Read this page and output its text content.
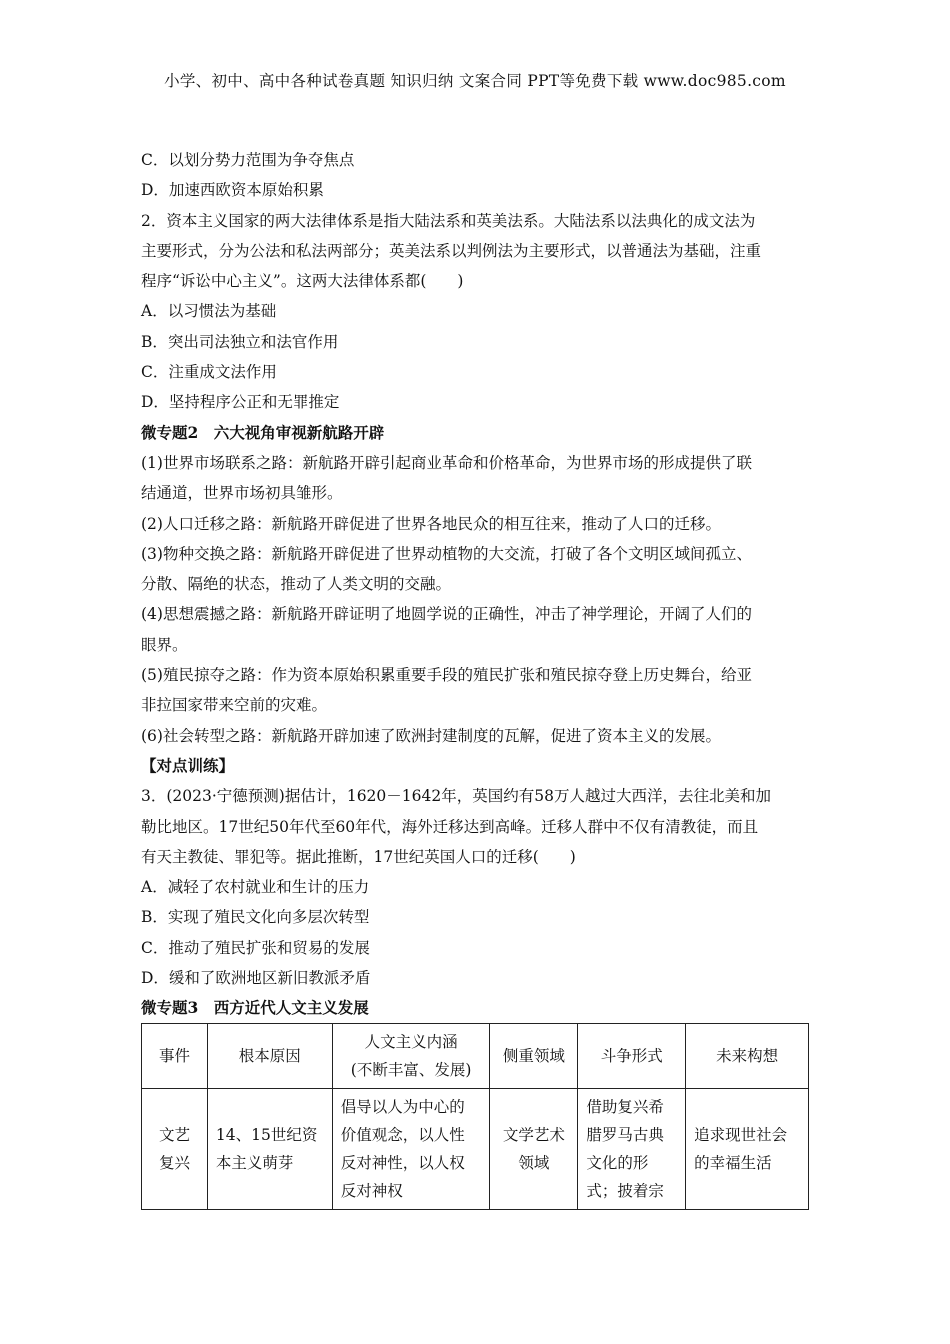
小学、初中、高中各种试卷真题 知识归纳 文案合同 PPT等免费下载 www.doc985.com

C．以划分势力范围为争夺焦点

D．加速西欧资本原始积累

2．资本主义国家的两大法律体系是指大陆法系和英美法系。大陆法系以法典化的成文法为

主要形式，分为公法和私法两部分；英美法系以判例法为主要形式，以普通法为基础，注重

程序“诉讼中心主义”。这两大法律体系都(　　)

A．以习惯法为基础

B．突出司法独立和法官作用

C．注重成文法作用

D．坚持程序公正和无罪推定

微专题2　六大视角审视新航路开辟

(1)世界市场联系之路：新航路开辟引起商业革命和价格革命，为世界市场的形成提供了联

结通道，世界市场初具雏形。

(2)人口迁移之路：新航路开辟促进了世界各地民众的相互往来，推动了人口的迁移。

(3)物种交换之路：新航路开辟促进了世界动植物的大交流，打破了各个文明区域间孤立、

分散、隔绝的状态，推动了人类文明的交融。

(4)思想震撼之路：新航路开辟证明了地圆学说的正确性，冲击了神学理论，开阔了人们的

眼界。

(5)殖民掠夺之路：作为资本原始积累重要手段的殖民扩张和殖民掠夺登上历史舞台，给亚

非拉国家带来空前的灾难。

(6)社会转型之路：新航路开辟加速了欧洲封建制度的瓦解，促进了资本主义的发展。

【对点训练】

3．(2023·宁德预测)据估计，1620－1642年，英国约有58万人越过大西洋，去往北美和加

勒比地区。17世纪50年代至60年代，海外迁移达到高峰。迁移人群中不仅有清教徒，而且

有天主教徒、罪犯等。据此推断，17世纪英国人口的迁移(　　)

A．减轻了农村就业和生计的压力

B．实现了殖民文化向多层次转型

C．推动了殖民扩张和贸易的发展

D．缓和了欧洲地区新旧教派矛盾

微专题3　西方近代人文主义发展

事件	根本原因	人文主义内涵
(不断丰富、发展)	侧重领域	斗争形式	未来构想
文艺
复兴	14、15世纪资
本主义萌芽	倡导以人为中心的
价值观念，以人性
反对神性，以人权
反对神权	文学艺术
领域	借助复兴希
腊罗马古典
文化的形
式；披着宗	追求现世社会
的幸福生活
